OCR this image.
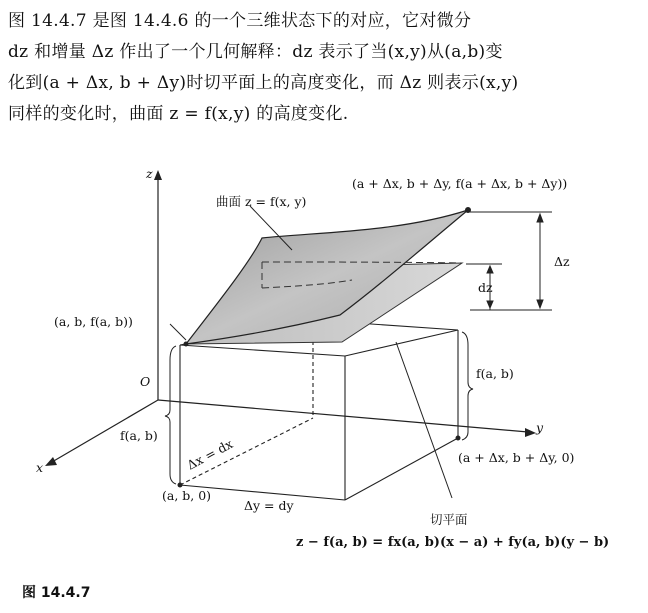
图 14.4.7 是图 14.4.6 的一个三维状态下的对应，它对微分

dz 和增量 Δz 作出了一个几何解释：dz 表示了当(x,y)从(a,b)变

化到(a + Δx, b + Δy)时切平面上的高度变化，而 Δz 则表示(x,y)

同样的变化时，曲面 z = f(x,y) 的高度变化.

z
y
x
O
曲面 z = f(x, y)
(a + Δx, b + Δy, f(a + Δx, b + Δy))
(a, b, f(a, b))
Δz
dz
f(a, b)
f(a, b)
(a, b, 0)
(a + Δx, b + Δy, 0)
Δx = dx
Δy = dy
切平面
z − f(a, b) = fx(a, b)(x − a) + fy(a, b)(y − b)
图 14.4.7
